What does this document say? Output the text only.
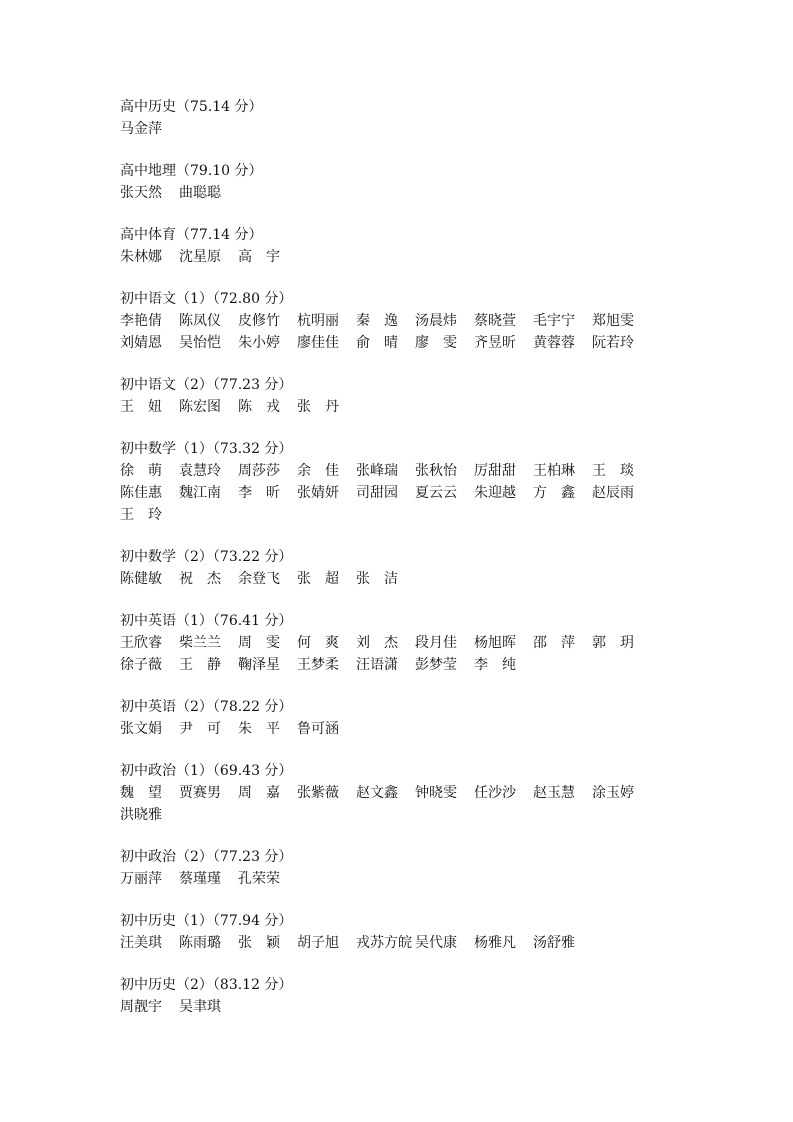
高中历史（75.14 分）
马金萍
高中地理（79.10 分）
张天然 曲聪聪
高中体育（77.14 分）
朱林娜 沈星原 高　宇
初中语文（1）（72.80 分）
李艳倩 陈凤仪 皮修竹 杭明丽 秦　逸 汤晨炜 蔡晓萱 毛宇宁 郑旭雯
刘婧恩 吴怡恺 朱小婷 廖佳佳 俞　晴 廖　雯 齐昱昕 黄蓉蓉 阮若玲
初中语文（2）（77.23 分）
王　妞 陈宏图 陈　戎 张　丹
初中数学（1）（73.32 分）
徐　萌 袁慧玲 周莎莎 余　佳 张峰瑞 张秋怡 厉甜甜 王柏琳 王　琰
陈佳惠 魏江南 李　昕 张婧妍 司甜园 夏云云 朱迎越 方　鑫 赵辰雨
王　玲
初中数学（2）（73.22 分）
陈健敏 祝　杰 余登飞 张　超 张　洁
初中英语（1）（76.41 分）
王欣睿 柴兰兰 周　雯 何　爽 刘　杰 段月佳 杨旭晖 邵　萍 郭　玥
徐子薇 王　静 鞠泽星 王梦柔 汪语潇 彭梦莹 李　纯
初中英语（2）（78.22 分）
张文娟 尹　可 朱　平 鲁可涵
初中政治（1）（69.43 分）
魏　望 贾赛男 周　嘉 张紫薇 赵文鑫 钟晓雯 任沙沙 赵玉慧 涂玉婷
洪晓雅
初中政治（2）（77.23 分）
万丽萍 蔡瑾瑾 孔荣荣
初中历史（1）（77.94 分）
汪美琪 陈雨璐 张　颖 胡子旭 戎苏方皖 吴代康 杨雅凡 汤舒雅
初中历史（2）（83.12 分）
周靓宇 吴聿琪
